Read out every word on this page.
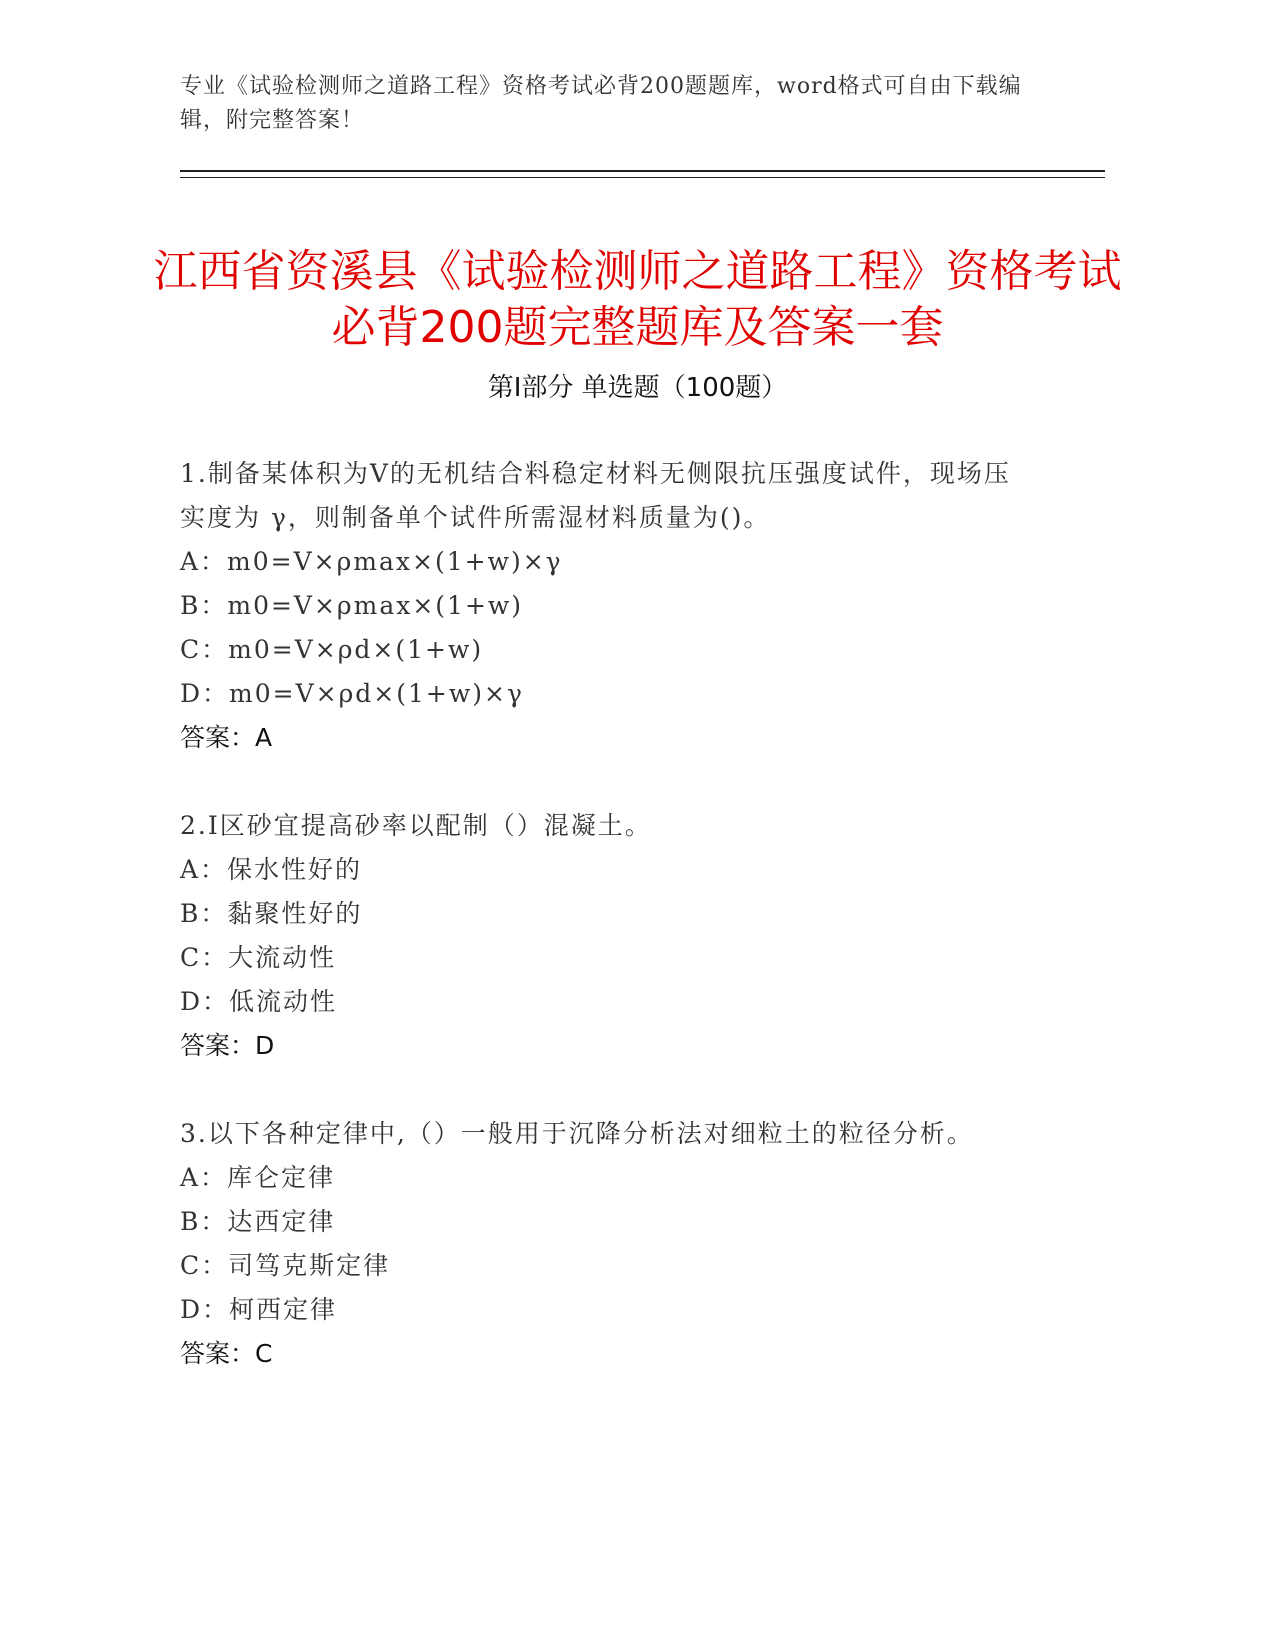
专业《试验检测师之道路工程》资格考试必背200题题库，word格式可自由下载编辑，附完整答案！
江西省资溪县《试验检测师之道路工程》资格考试必背200题完整题库及答案一套
第I部分 单选题（100题）
1.制备某体积为V的无机结合料稳定材料无侧限抗压强度试件，现场压实度为 γ，则制备单个试件所需湿材料质量为()。
A：m0=V×ρmax×(1+w)×γ
B：m0=V×ρmax×(1+w)
C：m0=V×ρd×(1+w)
D：m0=V×ρd×(1+w)×γ
答案：A
2.Ⅰ区砂宜提高砂率以配制（）混凝土。
A：保水性好的
B：黏聚性好的
C：大流动性
D：低流动性
答案：D
3.以下各种定律中,（）一般用于沉降分析法对细粒土的粒径分析。
A：库仑定律
B：达西定律
C：司笃克斯定律
D：柯西定律
答案：C
